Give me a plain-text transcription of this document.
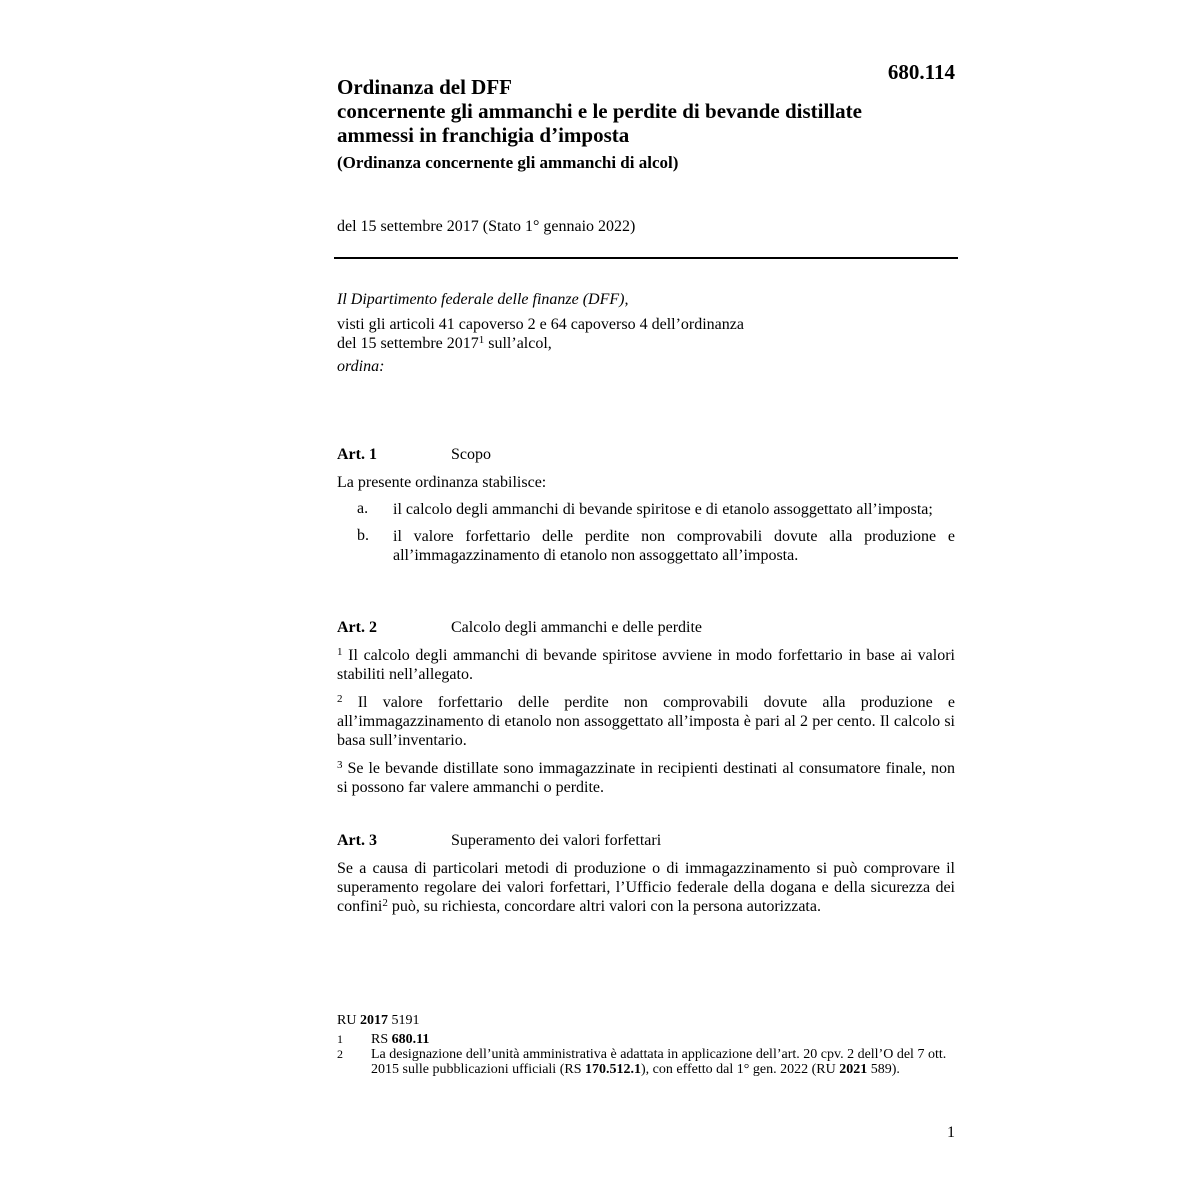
680.114
Ordinanza del DFF
concernente gli ammanchi e le perdite di bevande distillate
ammessi in franchigia d’imposta
(Ordinanza concernente gli ammanchi di alcol)
del 15 settembre 2017 (Stato 1° gennaio 2022)
Il Dipartimento federale delle finanze (DFF),
visti gli articoli 41 capoverso 2 e 64 capoverso 4 dell’ordinanza
del 15 settembre 2017$^1$ sull’alcol,
ordina:
Art. 1	Scopo
La presente ordinanza stabilisce:
a.	il calcolo degli ammanchi di bevande spiritose e di etanolo assoggettato all’imposta;
b.	il valore forfettario delle perdite non comprovabili dovute alla produzione e all’immagazzinamento di etanolo non assoggettato all’imposta.
Art. 2	Calcolo degli ammanchi e delle perdite
$^1$ Il calcolo degli ammanchi di bevande spiritose avviene in modo forfettario in base ai valori stabiliti nell’allegato.
$^2$ Il valore forfettario delle perdite non comprovabili dovute alla produzione e all’immagazzinamento di etanolo non assoggettato all’imposta è pari al 2 per cento. Il calcolo si basa sull’inventario.
$^3$ Se le bevande distillate sono immagazzinate in recipienti destinati al consumatore finale, non si possono far valere ammanchi o perdite.
Art. 3	Superamento dei valori forfettari
Se a causa di particolari metodi di produzione o di immagazzinamento si può comprovare il superamento regolare dei valori forfettari, l’Ufficio federale della dogana e della sicurezza dei confini$^2$ può, su richiesta, concordare altri valori con la persona autorizzata.
RU 2017 5191
1	RS 680.11
2	La designazione dell’unità amministrativa è adattata in applicazione dell’art. 20 cpv. 2 dell’O del 7 ott. 2015 sulle pubblicazioni ufficiali (RS 170.512.1), con effetto dal 1° gen. 2022 (RU 2021 589).
1
